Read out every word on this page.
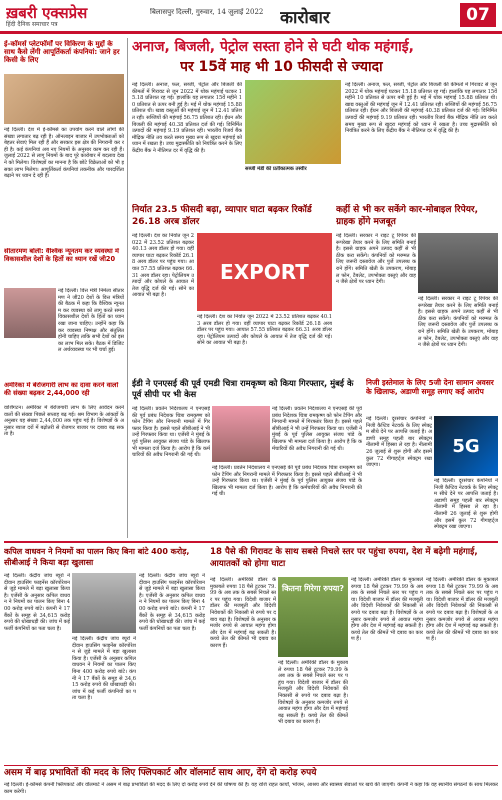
ख़बरी एक्सप्रेस
हिंदी दैनिक समाचार पत्र
बिलासपुर दिल्ली, गुरुवार, 14 जुलाई 2022 कारोबार	07
ई-कॉमर्स प्लेटफॉर्मों पर विकिरण के मुद्दों के साथ कैसे लेंगी आपूर्तिकर्ता कंपनियां: जाने हर किसी के लिए
नई दिल्ली। देश में ई-कॉमर्स का उपयोग करने वाले लोगों की संख्या लगातार बढ़ रही है। ऑनलाइन बाजार में उपभोक्ताओं को बेहतर सेवाएं मिल रही हैं और सरकार इस क्षेत्र की निगरानी कर रही है। कई कंपनियां अब नए नियमों के अनुसार काम कर रही हैं। जुलाई 2022 से लागू नियमों के बाद पूरे कारोबार में बदलाव देखने को मिलेगा। विशेषज्ञों का मानना है कि छोटे विक्रेताओं को भी इसका लाभ मिलेगा। आपूर्तिकर्ता कंपनियां तकनीक और पारदर्शिता बढ़ाने पर ध्यान दे रही हैं।
सीतारमण बोलीं: वैश्विक न्यूनतम कर व्यवस्था में विकासशील देशों के हितों का ध्यान रखें जी20
नई दिल्ली। वित्त मंत्री निर्मला सीतारमण ने जी20 देशों के वित्त मंत्रियों की बैठक में कहा कि वैश्विक न्यूनतम कर व्यवस्था को लागू करते समय विकासशील देशों के हितों का ध्यान रखा जाना चाहिए। उन्होंने कहा कि कर व्यवस्था निष्पक्ष और संतुलित होनी चाहिए ताकि सभी देशों को इसका लाभ मिल सके। बैठक में डिजिटल अर्थव्यवस्था पर भी चर्चा हुई।
अमेरिका में बेरोजगारी लाभ का दावा करने वालों की संख्या बढ़कर 2,44,000 रही
वाशिंगटन। अमेरिका में बेरोजगारी लाभ के लिए आवेदन करने वालों की संख्या पिछले सप्ताह बढ़ गई। श्रम विभाग के आंकड़ों के अनुसार यह संख्या 2,44,000 तक पहुंच गई है। विशेषज्ञों के अनुसार ब्याज दरों में बढ़ोतरी से रोजगार बाजार पर दबाव बढ़ सकता है।
अनाज, बिजली, पेट्रोल सस्ता होने से घटी थोक महंगाई,
पर 15वें माह भी 10 फीसदी से ज्यादा
नई दिल्ली। अनाज, फल, सब्जी, पेट्रोल और बिजली की कीमतों में गिरावट से जून 2022 में थोक महंगाई घटकर 15.18 प्रतिशत रह गई। हालांकि यह लगातार 15वें महीने 10 प्रतिशत से ऊपर बनी हुई है। मई में थोक महंगाई 15.88 प्रतिशत थी। खाद्य वस्तुओं की महंगाई जून में 12.41 प्रतिशत रही। सब्जियों की महंगाई 56.75 प्रतिशत रही। ईंधन और बिजली की महंगाई 40.38 प्रतिशत दर्ज की गई। विनिर्मित उत्पादों की महंगाई 9.19 प्रतिशत रही। भारतीय रिजर्व बैंक मौद्रिक नीति तय करते समय मुख्य रूप से खुदरा महंगाई को ध्यान में रखता है। उच्च मुद्रास्फीति को नियंत्रित करने के लिए केंद्रीय बैंक ने नीतिगत दर में वृद्धि की है।
सब्जी मंडी की प्रतीकात्मक तस्वीर
नई दिल्ली। अनाज, फल, सब्जी, पेट्रोल और बिजली की कीमतों में गिरावट से जून 2022 में थोक महंगाई घटकर 15.18 प्रतिशत रह गई। हालांकि यह लगातार 15वें महीने 10 प्रतिशत से ऊपर बनी हुई है। मई में थोक महंगाई 15.88 प्रतिशत थी। खाद्य वस्तुओं की महंगाई जून में 12.41 प्रतिशत रही। सब्जियों की महंगाई 56.75 प्रतिशत रही। ईंधन और बिजली की महंगाई 40.38 प्रतिशत दर्ज की गई। विनिर्मित उत्पादों की महंगाई 9.19 प्रतिशत रही। भारतीय रिजर्व बैंक मौद्रिक नीति तय करते समय मुख्य रूप से खुदरा महंगाई को ध्यान में रखता है। उच्च मुद्रास्फीति को नियंत्रित करने के लिए केंद्रीय बैंक ने नीतिगत दर में वृद्धि की है।
निर्यात 23.5 फीसदी बढ़ा, व्यापार घाटा बढ़कर रिकॉर्ड 26.18 अरब डॉलर
नई दिल्ली। देश का निर्यात जून 2022 में 23.52 प्रतिशत बढ़कर 40.13 अरब डॉलर हो गया। वहीं व्यापार घाटा बढ़कर रिकॉर्ड 26.18 अरब डॉलर पर पहुंच गया। आयात 57.55 प्रतिशत बढ़कर 66.31 अरब डॉलर रहा। पेट्रोलियम उत्पादों और कोयले के आयात में तेज वृद्धि दर्ज की गई। सोने का आयात भी बढ़ा है।
EXPORT
नई दिल्ली। देश का निर्यात जून 2022 में 23.52 प्रतिशत बढ़कर 40.13 अरब डॉलर हो गया। वहीं व्यापार घाटा बढ़कर रिकॉर्ड 26.18 अरब डॉलर पर पहुंच गया। आयात 57.55 प्रतिशत बढ़कर 66.31 अरब डॉलर रहा। पेट्रोलियम उत्पादों और कोयले के आयात में तेज वृद्धि दर्ज की गई। सोने का आयात भी बढ़ा है।
कहीं से भी कर सकेंगे कार-मोबाइल रिपेयर, ग्राहक होंगे मजबूत
नई दिल्ली। सरकार ने राइट टू रिपेयर की रूपरेखा तैयार करने के लिए समिति बनाई है। इससे ग्राहक अपने उत्पाद कहीं से भी ठीक करा सकेंगे। कंपनियों को मरम्मत के लिए जरूरी दस्तावेज और पुर्जे उपलब्ध कराने होंगे। समिति खेती के उपकरण, मोबाइल फोन, टैबलेट, उपभोक्ता वस्तुएं और वाहन जैसे क्षेत्रों पर ध्यान देगी।
नई दिल्ली। सरकार ने राइट टू रिपेयर की रूपरेखा तैयार करने के लिए समिति बनाई है। इससे ग्राहक अपने उत्पाद कहीं से भी ठीक करा सकेंगे। कंपनियों को मरम्मत के लिए जरूरी दस्तावेज और पुर्जे उपलब्ध कराने होंगे। समिति खेती के उपकरण, मोबाइल फोन, टैबलेट, उपभोक्ता वस्तुएं और वाहन जैसे क्षेत्रों पर ध्यान देगी।
ईडी ने एनएसई की पूर्व एमडी चित्रा रामकृष्ण को किया गिरफ्तार, मुंबई के पूर्व सीपी पर भी केस
नई दिल्ली। प्रवर्तन निदेशालय ने एनएसई की पूर्व प्रबंध निदेशक चित्रा रामकृष्ण को फोन टैपिंग और निगरानी मामले में गिरफ्तार किया है। इससे पहले सीबीआई ने भी उन्हें गिरफ्तार किया था। एजेंसी ने मुंबई के पूर्व पुलिस आयुक्त संजय पांडे के खिलाफ भी मामला दर्ज किया है। आरोप है कि कर्मचारियों की अवैध निगरानी की गई थी।
नई दिल्ली। प्रवर्तन निदेशालय ने एनएसई की पूर्व प्रबंध निदेशक चित्रा रामकृष्ण को फोन टैपिंग और निगरानी मामले में गिरफ्तार किया है। इससे पहले सीबीआई ने भी उन्हें गिरफ्तार किया था। एजेंसी ने मुंबई के पूर्व पुलिस आयुक्त संजय पांडे के खिलाफ भी मामला दर्ज किया है। आरोप है कि कर्मचारियों की अवैध निगरानी की गई थी।
नई दिल्ली। प्रवर्तन निदेशालय ने एनएसई की पूर्व प्रबंध निदेशक चित्रा रामकृष्ण को फोन टैपिंग और निगरानी मामले में गिरफ्तार किया है। इससे पहले सीबीआई ने भी उन्हें गिरफ्तार किया था। एजेंसी ने मुंबई के पूर्व पुलिस आयुक्त संजय पांडे के खिलाफ भी मामला दर्ज किया है। आरोप है कि कर्मचारियों की अवैध निगरानी की गई थी।
निजी इस्तेमाल के लिए 5जी देना सामान अवसर के खिलाफ, अडाणी समूह लगाए कई आरोप
नई दिल्ली। दूरसंचार कंपनियों ने निजी कैप्टिव नेटवर्क के लिए स्पेक्ट्रम सीधे देने पर आपत्ति जताई है। अडाणी समूह पहली बार स्पेक्ट्रम नीलामी में हिस्सा ले रहा है। नीलामी 26 जुलाई से शुरू होगी और इसमें कुल 72 गीगाहर्ट्ज स्पेक्ट्रम रखा जाएगा।
5G
नई दिल्ली। दूरसंचार कंपनियों ने निजी कैप्टिव नेटवर्क के लिए स्पेक्ट्रम सीधे देने पर आपत्ति जताई है। अडाणी समूह पहली बार स्पेक्ट्रम नीलामी में हिस्सा ले रहा है। नीलामी 26 जुलाई से शुरू होगी और इसमें कुल 72 गीगाहर्ट्ज स्पेक्ट्रम रखा जाएगा।
कपिल वाधवन ने नियमों का पालन किए बिना बांटे 400 करोड़, सीबीआई ने किया बड़ा खुलासा
नई दिल्ली। केंद्रीय जांच ब्यूरो ने दीवान हाउसिंग फाइनेंस कॉरपोरेशन से जुड़े मामले में बड़ा खुलासा किया है। एजेंसी के अनुसार कपिल वाधवन ने नियमों का पालन किए बिना 400 करोड़ रुपये बांटे। कंपनी ने 17 बैंकों के समूह से 34,615 करोड़ रुपये की धोखाधड़ी की। जांच में कई फर्जी कंपनियों का पता चला है।
नई दिल्ली। केंद्रीय जांच ब्यूरो ने दीवान हाउसिंग फाइनेंस कॉरपोरेशन से जुड़े मामले में बड़ा खुलासा किया है। एजेंसी के अनुसार कपिल वाधवन ने नियमों का पालन किए बिना 400 करोड़ रुपये बांटे। कंपनी ने 17 बैंकों के समूह से 34,615 करोड़ रुपये की धोखाधड़ी की। जांच में कई फर्जी कंपनियों का पता चला है।
नई दिल्ली। केंद्रीय जांच ब्यूरो ने दीवान हाउसिंग फाइनेंस कॉरपोरेशन से जुड़े मामले में बड़ा खुलासा किया है। एजेंसी के अनुसार कपिल वाधवन ने नियमों का पालन किए बिना 400 करोड़ रुपये बांटे। कंपनी ने 17 बैंकों के समूह से 34,615 करोड़ रुपये की धोखाधड़ी की। जांच में कई फर्जी कंपनियों का पता चला है।
18 पैसे की गिरावट के साथ सबसे निचले स्तर पर पहुंचा रुपया, देश में बढ़ेगी महंगाई, आयातकों को होगा घाटा
नई दिल्ली। अमेरिकी डॉलर के मुकाबले रुपया 18 पैसे टूटकर 79.99 के अब तक के सबसे निचले स्तर पर पहुंच गया। विदेशी बाजार में डॉलर की मजबूती और विदेशी निवेशकों की निकासी से रुपये पर दबाव बढ़ा है। विशेषज्ञों के अनुसार कमजोर रुपये से आयात महंगा होगा और देश में महंगाई बढ़ सकती है। कच्चे तेल की कीमतें भी दबाव का कारण हैं।
कितना गिरेगा रुपया?
नई दिल्ली। अमेरिकी डॉलर के मुकाबले रुपया 18 पैसे टूटकर 79.99 के अब तक के सबसे निचले स्तर पर पहुंच गया। विदेशी बाजार में डॉलर की मजबूती और विदेशी निवेशकों की निकासी से रुपये पर दबाव बढ़ा है। विशेषज्ञों के अनुसार कमजोर रुपये से आयात महंगा होगा और देश में महंगाई बढ़ सकती है। कच्चे तेल की कीमतें भी दबाव का कारण हैं।
नई दिल्ली। अमेरिकी डॉलर के मुकाबले रुपया 18 पैसे टूटकर 79.99 के अब तक के सबसे निचले स्तर पर पहुंच गया। विदेशी बाजार में डॉलर की मजबूती और विदेशी निवेशकों की निकासी से रुपये पर दबाव बढ़ा है। विशेषज्ञों के अनुसार कमजोर रुपये से आयात महंगा होगा और देश में महंगाई बढ़ सकती है। कच्चे तेल की कीमतें भी दबाव का कारण हैं।
नई दिल्ली। अमेरिकी डॉलर के मुकाबले रुपया 18 पैसे टूटकर 79.99 के अब तक के सबसे निचले स्तर पर पहुंच गया। विदेशी बाजार में डॉलर की मजबूती और विदेशी निवेशकों की निकासी से रुपये पर दबाव बढ़ा है। विशेषज्ञों के अनुसार कमजोर रुपये से आयात महंगा होगा और देश में महंगाई बढ़ सकती है। कच्चे तेल की कीमतें भी दबाव का कारण हैं।
असम में बाढ़ प्रभावितों की मदद के लिए फ्लिपकार्ट और वॉलमार्ट साथ आए, देंगे दो करोड़ रुपये
नई दिल्ली। ई-कॉमर्स कंपनी फ्लिपकार्ट और वॉलमार्ट ने असम में बाढ़ प्रभावितों की मदद के लिए दो करोड़ रुपये देने की घोषणा की है। यह राशि राहत कार्यों, भोजन, आश्रय और स्वास्थ्य सेवाओं पर खर्च की जाएगी। कंपनी ने कहा कि वह स्थानीय संगठनों के साथ मिलकर काम करेगी।
